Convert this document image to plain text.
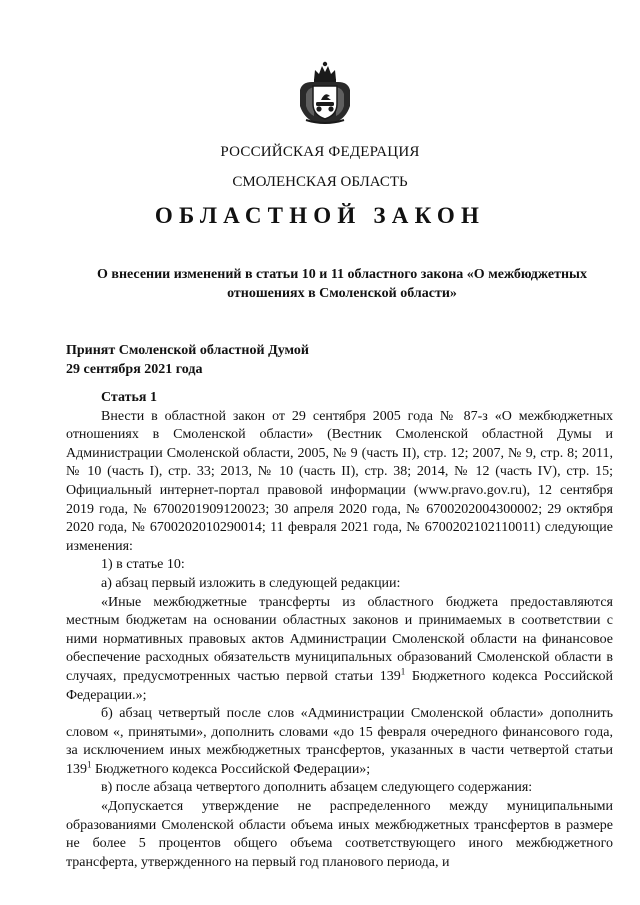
РОССИЙСКАЯ ФЕДЕРАЦИЯ
СМОЛЕНСКАЯ ОБЛАСТЬ
ОБЛАСТНОЙ ЗАКОН
О внесении изменений в статьи 10 и 11 областного закона «О межбюджетных отношениях в Смоленской области»
Принят Смоленской областной Думой
29 сентября 2021 года

Статья 1

Внести в областной закон от 29 сентября 2005 года № 87-з «О межбюджетных отношениях в Смоленской области» (Вестник Смоленской областной Думы и Администрации Смоленской области, 2005, № 9 (часть II), стр. 12; 2007, № 9, стр. 8; 2011, № 10 (часть I), стр. 33; 2013, № 10 (часть II), стр. 38; 2014, № 12 (часть IV), стр. 15; Официальный интернет-портал правовой информации (www.pravo.gov.ru), 12 сентября 2019 года, № 6700201909120023; 30 апреля 2020 года, № 6700202004300002; 29 октября 2020 года, № 6700202010290014; 11 февраля 2021 года, № 6700202102110011) следующие изменения:

1) в статье 10:

а) абзац первый изложить в следующей редакции:

«Иные межбюджетные трансферты из областного бюджета предоставляются местным бюджетам на основании областных законов и принимаемых в соответствии с ними нормативных правовых актов Администрации Смоленской области на финансовое обеспечение расходных обязательств муниципальных образований Смоленской области в случаях, предусмотренных частью первой статьи $139^1$ Бюджетного кодекса Российской Федерации.»;

б) абзац четвертый после слов «Администрации Смоленской области» дополнить словом «, принятыми», дополнить словами «до 15 февраля очередного финансового года, за исключением иных межбюджетных трансфертов, указанных в части четвертой статьи $139^1$ Бюджетного кодекса Российской Федерации»;

в) после абзаца четвертого дополнить абзацем следующего содержания:

«Допускается утверждение не распределенного между муниципальными образованиями Смоленской области объема иных межбюджетных трансфертов в размере не более 5 процентов общего объема соответствующего иного межбюджетного трансферта, утвержденного на первый год планового периода, и
